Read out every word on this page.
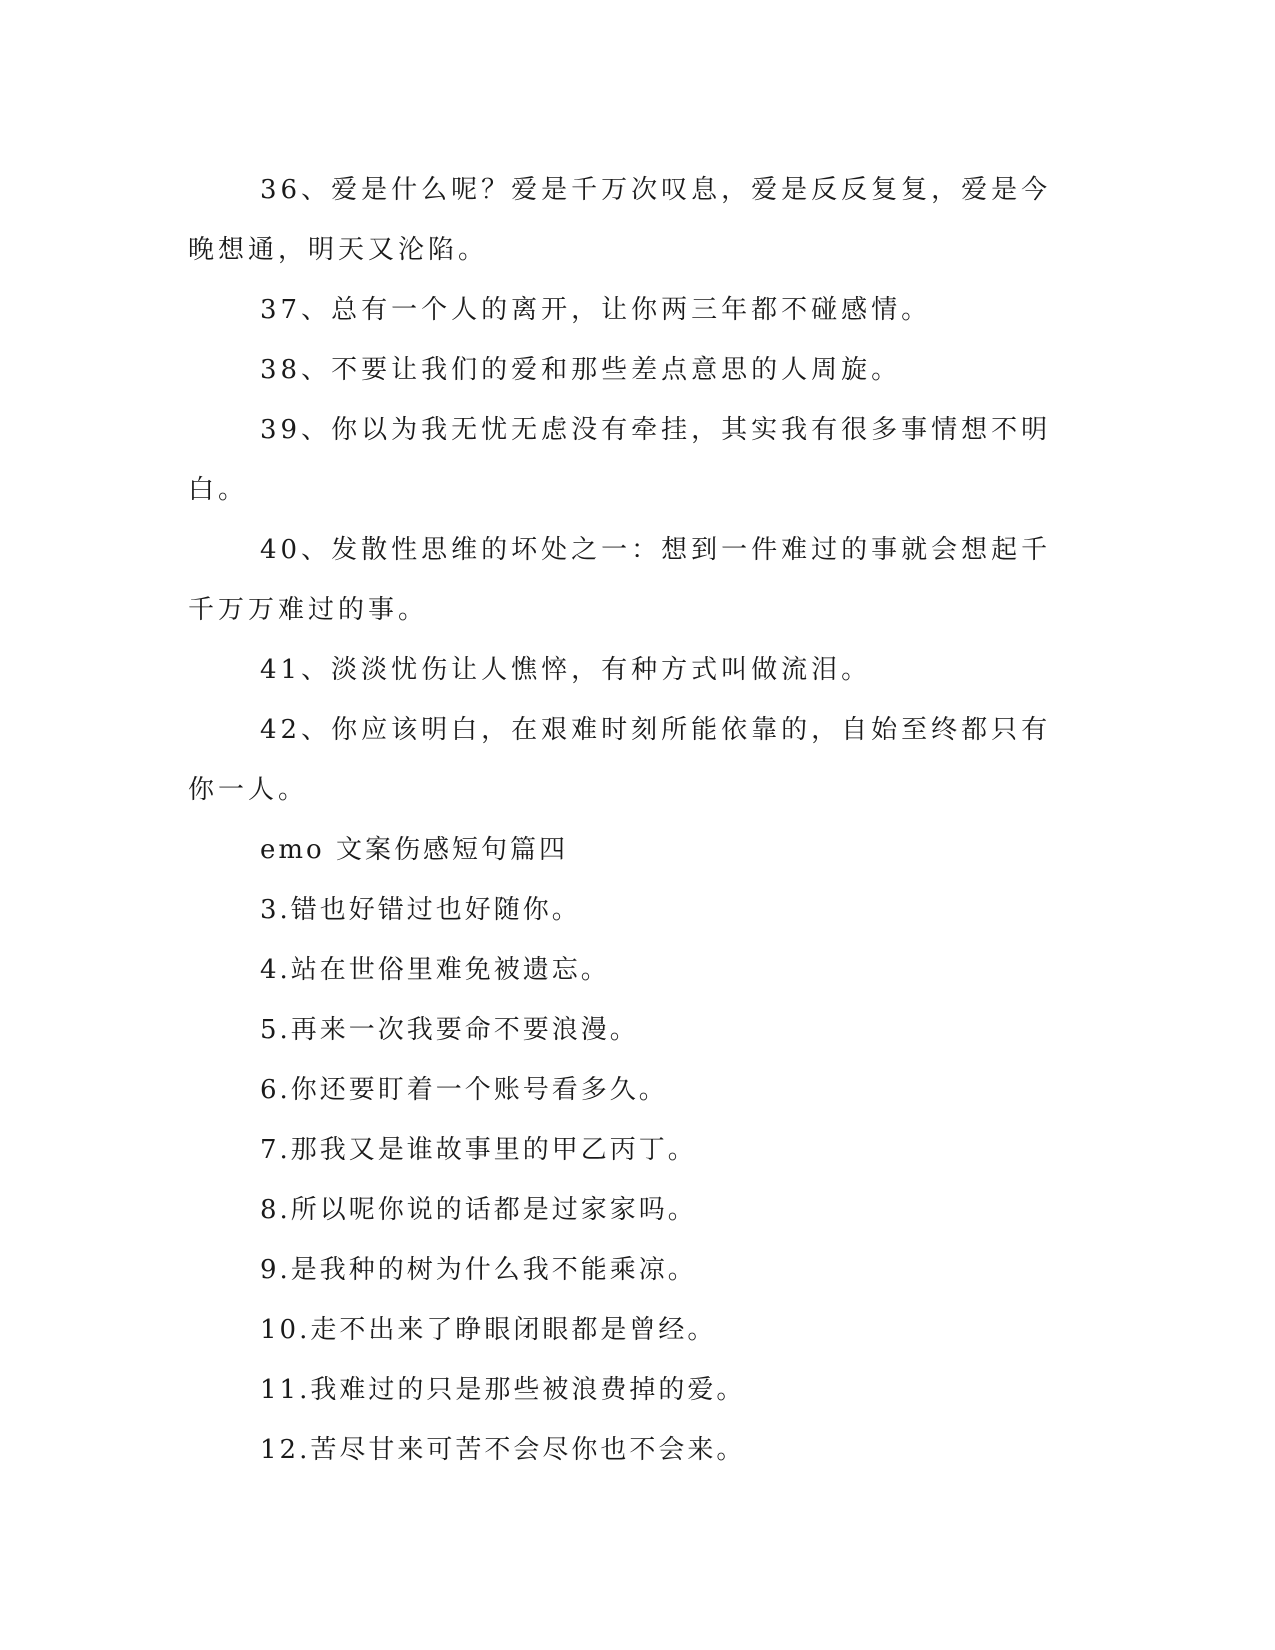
36、爱是什么呢？爱是千万次叹息，爱是反反复复，爱是今晚想通，明天又沦陷。

37、总有一个人的离开，让你两三年都不碰感情。

38、不要让我们的爱和那些差点意思的人周旋。

39、你以为我无忧无虑没有牵挂，其实我有很多事情想不明白。

40、发散性思维的坏处之一：想到一件难过的事就会想起千千万万难过的事。

41、淡淡忧伤让人憔悴，有种方式叫做流泪。

42、你应该明白，在艰难时刻所能依靠的，自始至终都只有你一人。

emo 文案伤感短句篇四

3.错也好错过也好随你。

4.站在世俗里难免被遗忘。

5.再来一次我要命不要浪漫。

6.你还要盯着一个账号看多久。

7.那我又是谁故事里的甲乙丙丁。

8.所以呢你说的话都是过家家吗。

9.是我种的树为什么我不能乘凉。

10.走不出来了睁眼闭眼都是曾经。

11.我难过的只是那些被浪费掉的爱。

12.苦尽甘来可苦不会尽你也不会来。
